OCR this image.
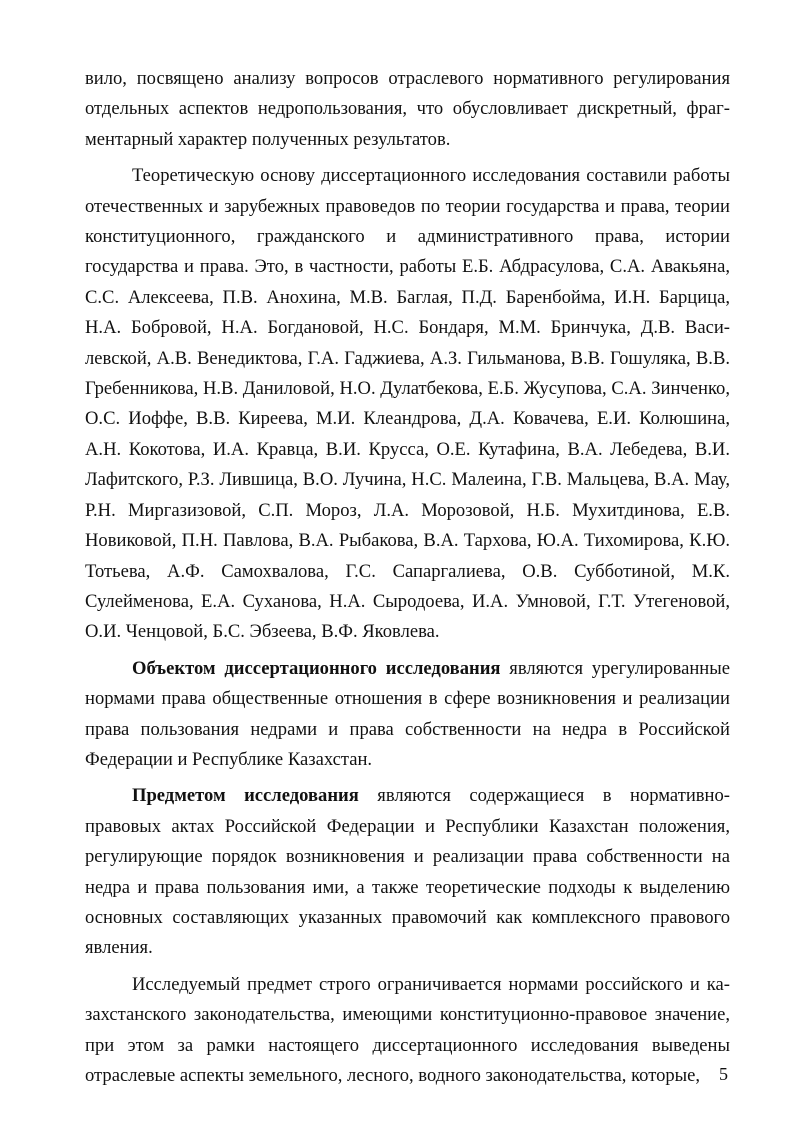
вило, посвящено анализу вопросов отраслевого нормативного регулирования отдельных аспектов недропользования, что обусловливает дискретный, фрагментарный характер полученных результатов.

Теоретическую основу диссертационного исследования составили работы отечественных и зарубежных правоведов по теории государства и права, теории конституционного, гражданского и административного права, истории государства и права. Это, в частности, работы Е.Б. Абдрасулова, С.А. Авакьяна, С.С. Алексеева, П.В. Анохина, М.В. Баглая, П.Д. Баренбойма, И.Н. Барцица, Н.А. Бобровой, Н.А. Богдановой, Н.С. Бондаря, М.М. Бринчука, Д.В. Василевской, А.В. Венедиктова, Г.А. Гаджиева, А.З. Гильманова, В.В. Гошуляка, В.В. Гребенникова, Н.В. Даниловой, Н.О. Дулатбекова, Е.Б. Жусупова, С.А. Зинченко, О.С. Иоффе, В.В. Киреева, М.И. Клеандрова, Д.А. Ковачева, Е.И. Колюшина, А.Н. Кокотова, И.А. Кравца, В.И. Крусса, О.Е. Кутафина, В.А. Лебедева, В.И. Лафитского, Р.З. Лившица, В.О. Лучина, Н.С. Малеина, Г.В. Мальцева, В.А. Мау, Р.Н. Миргазизовой, С.П. Мороз, Л.А. Морозовой, Н.Б. Мухитдинова, Е.В. Новиковой, П.Н. Павлова, В.А. Рыбакова, В.А. Тархова, Ю.А. Тихомирова, К.Ю. Тотьева, А.Ф. Самохвалова, Г.С. Сапаргалиева, О.В. Субботиной, М.К. Сулейменова, Е.А. Суханова, Н.А. Сыродоева, И.А. Умновой, Г.Т. Утегеновой, О.И. Ченцовой, Б.С. Эбзеева, В.Ф. Яковлева.

Объектом диссертационного исследования являются урегулированные нормами права общественные отношения в сфере возникновения и реализации права пользования недрами и права собственности на недра в Российской Федерации и Республике Казахстан.

Предметом исследования являются содержащиеся в нормативно-правовых актах Российской Федерации и Республики Казахстан положения, регулирующие порядок возникновения и реализации права собственности на недра и права пользования ими, а также теоретические подходы к выделению основных составляющих указанных правомочий как комплексного правового явления.

Исследуемый предмет строго ограничивается нормами российского и казахстанского законодательства, имеющими конституционно-правовое значение, при этом за рамки настоящего диссертационного исследования выведены отраслевые аспекты земельного, лесного, водного законодательства, которые,	5
